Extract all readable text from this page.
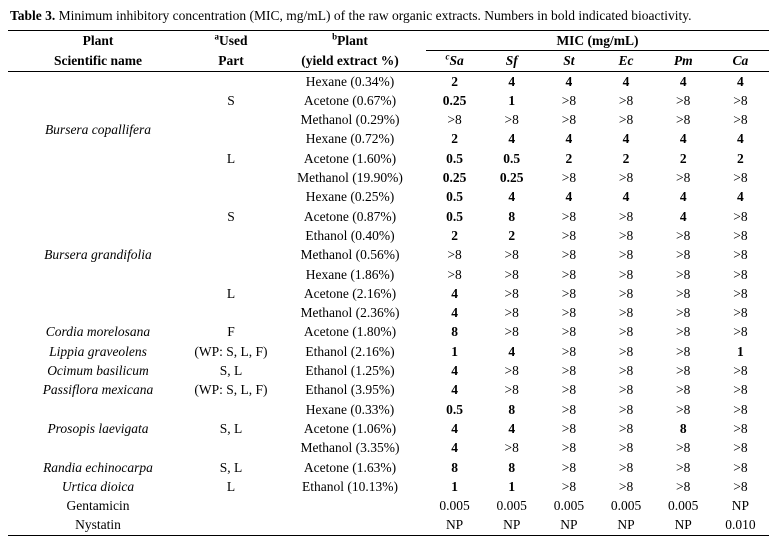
Table 3. Minimum inhibitory concentration (MIC, mg/mL) of the raw organic extracts. Numbers in bold indicated bioactivity.
Plant	$^a$Used	$^b$Plant	MIC (mg/mL)					
Scientific name	Part	(yield extract %)	$^c$Sa	Sf	St	Ec	Pm	Ca
Bursera copallifera	S	Hexane (0.34%)	2	4	4	4	4	4
		Acetone (0.67%)	0.25	1	>8	>8	>8	>8
		Methanol (0.29%)	>8	>8	>8	>8	>8	>8
	L	Hexane (0.72%)	2	4	4	4	4	4
		Acetone (1.60%)	0.5	0.5	2	2	2	2
		Methanol (19.90%)	0.25	0.25	>8	>8	>8	>8
Bursera grandifolia	S	Hexane (0.25%)	0.5	4	4	4	4	4
		Acetone (0.87%)	0.5	8	>8	>8	4	>8
		Ethanol (0.40%)	2	2	>8	>8	>8	>8
		Methanol (0.56%)	>8	>8	>8	>8	>8	>8
	L	Hexane (1.86%)	>8	>8	>8	>8	>8	>8
		Acetone (2.16%)	4	>8	>8	>8	>8	>8
		Methanol (2.36%)	4	>8	>8	>8	>8	>8
Cordia morelosana	F	Acetone (1.80%)	8	>8	>8	>8	>8	>8
Lippia graveolens	(WP: S, L, F)	Ethanol (2.16%)	1	4	>8	>8	>8	1
Ocimum basilicum	S, L	Ethanol (1.25%)	4	>8	>8	>8	>8	>8
Passiflora mexicana	(WP: S, L, F)	Ethanol (3.95%)	4	>8	>8	>8	>8	>8
Prosopis laevigata	S, L	Hexane (0.33%)	0.5	8	>8	>8	>8	>8
		Acetone (1.06%)	4	4	>8	>8	8	>8
		Methanol (3.35%)	4	>8	>8	>8	>8	>8
Randia echinocarpa	S, L	Acetone (1.63%)	8	8	>8	>8	>8	>8
Urtica dioica	L	Ethanol (10.13%)	1	1	>8	>8	>8	>8
Gentamicin			0.005	0.005	0.005	0.005	0.005	NP
Nystatin			NP	NP	NP	NP	NP	0.010
